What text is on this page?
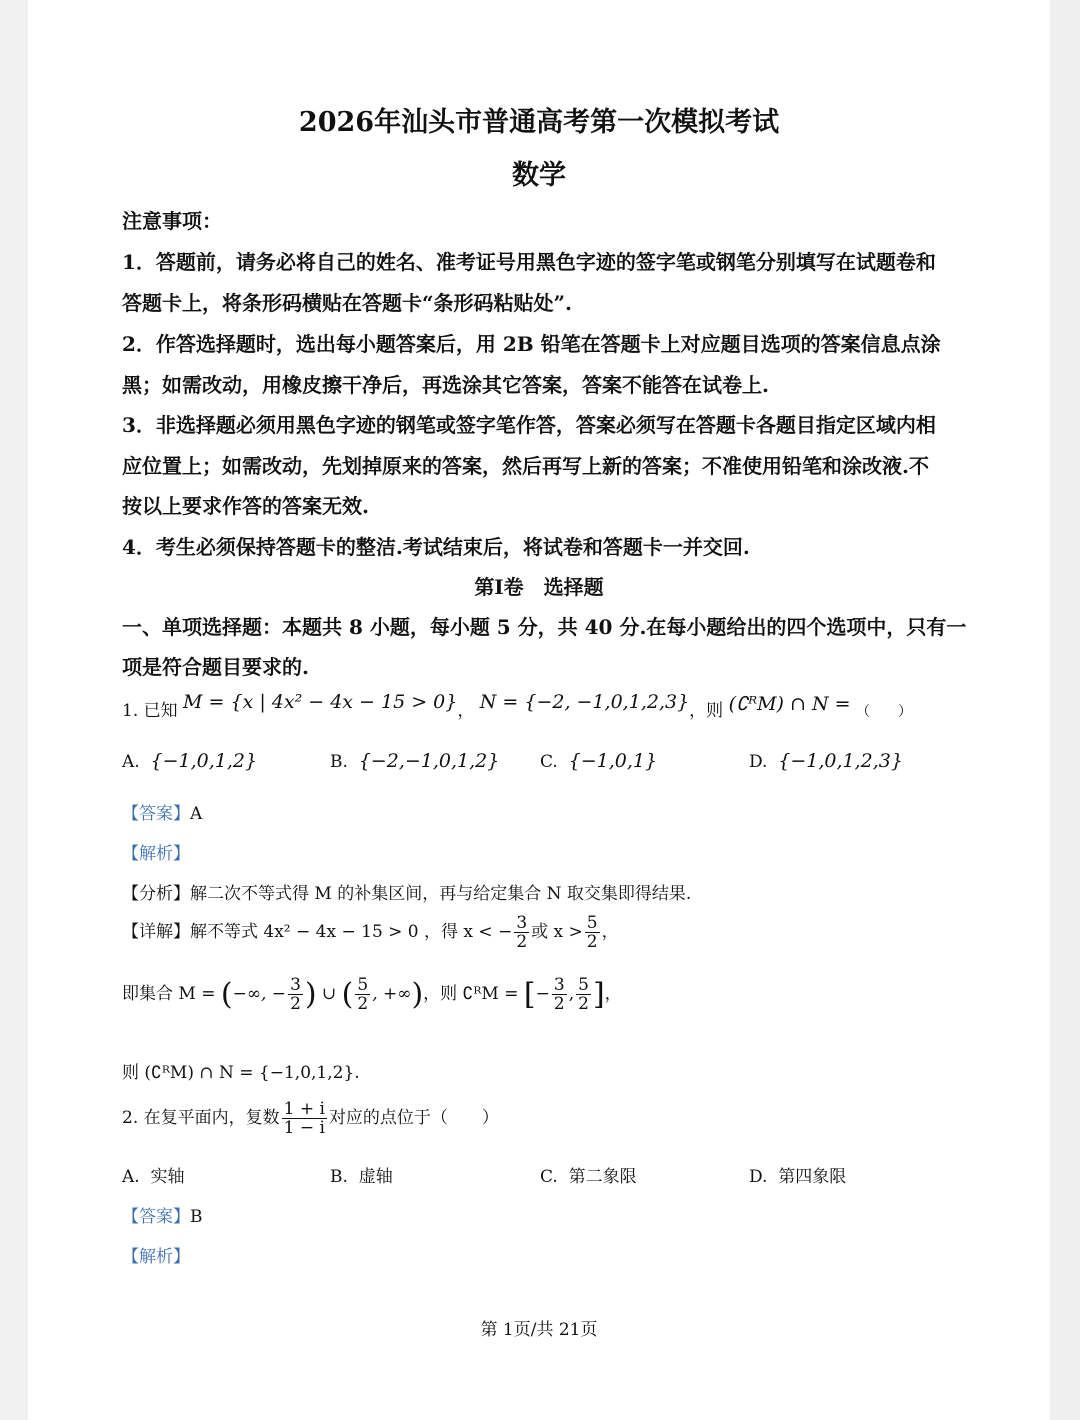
2026年汕头市普通高考第一次模拟考试
数学
注意事项：
1．答题前，请务必将自己的姓名、准考证号用黑色字迹的签字笔或钢笔分别填写在试题卷和
答题卡上，将条形码横贴在答题卡“条形码粘贴处”.
2．作答选择题时，选出每小题答案后，用 2B 铅笔在答题卡上对应题目选项的答案信息点涂
黑；如需改动，用橡皮擦干净后，再选涂其它答案，答案不能答在试卷上.
3．非选择题必须用黑色字迹的钢笔或签字笔作答，答案必须写在答题卡各题目指定区域内相
应位置上；如需改动，先划掉原来的答案，然后再写上新的答案；不准使用铅笔和涂改液.不
按以上要求作答的答案无效.
4．考生必须保持答题卡的整洁.考试结束后，将试卷和答题卡一并交回.
第I卷　选择题
一、单项选择题：本题共 8 小题，每小题 5 分，共 40 分.在每小题给出的四个选项中，只有一
项是符合题目要求的.
1. 已知 M = {x | 4x² − 4x − 15 > 0}， N = {−2, −1,0,1,2,3}，则 (∁ᴿM) ∩ N = （　　）
A. {−1,0,1,2}	B. {−2,−1,0,1,2} C. {−1,0,1}	D. {−1,0,1,2,3}
【答案】A
【解析】
【分析】解二次不等式得 M 的补集区间，再与给定集合 N 取交集即得结果.
【详解】解不等式 4x² − 4x − 15 > 0 ，得 x < − $\frac{3}{2}$ 或 $x > \frac{5}{2}$ ，
即集合 M = (−∞, − $\frac{3}{2}$ ) ∪ ( $\frac{5}{2}$ , +∞)，则 ∁ᴿM = [− $\frac{3}{2}$ , $\frac{5}{2}$ ]，
则 (∁ᴿM) ∩ N = {−1,0,1,2}.
2. 在复平面内，复数 $\frac{1 + i}{1 - i}$ 对应的点位于（　　）
A. 实轴	B. 虚轴	C. 第二象限	D. 第四象限
【答案】B
【解析】
第 1页/共 21页
